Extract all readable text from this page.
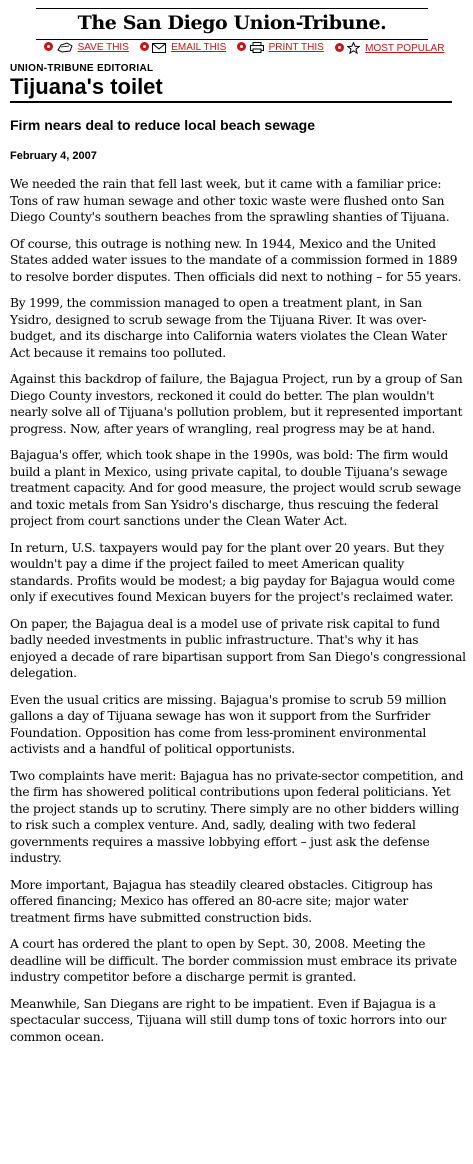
The San Diego Union-Tribune.
SAVE THIS	EMAIL THIS	PRINT THIS	MOST POPULAR
UNION-TRIBUNE EDITORIAL
Tijuana's toilet
Firm nears deal to reduce local beach sewage
February 4, 2007

We needed the rain that fell last week, but it came with a familiar price: Tons of raw human sewage and other toxic waste were flushed onto San Diego County's southern beaches from the sprawling shanties of Tijuana.

Of course, this outrage is nothing new. In 1944, Mexico and the United States added water issues to the mandate of a commission formed in 1889 to resolve border disputes. Then officials did next to nothing – for 55 years.

By 1999, the commission managed to open a treatment plant, in San Ysidro, designed to scrub sewage from the Tijuana River. It was over-budget, and its discharge into California waters violates the Clean Water Act because it remains too polluted.

Against this backdrop of failure, the Bajagua Project, run by a group of San Diego County investors, reckoned it could do better. The plan wouldn't nearly solve all of Tijuana's pollution problem, but it represented important progress. Now, after years of wrangling, real progress may be at hand.

Bajagua's offer, which took shape in the 1990s, was bold: The firm would build a plant in Mexico, using private capital, to double Tijuana's sewage treatment capacity. And for good measure, the project would scrub sewage and toxic metals from San Ysidro's discharge, thus rescuing the federal project from court sanctions under the Clean Water Act.

In return, U.S. taxpayers would pay for the plant over 20 years. But they wouldn't pay a dime if the project failed to meet American quality standards. Profits would be modest; a big payday for Bajagua would come only if executives found Mexican buyers for the project's reclaimed water.

On paper, the Bajagua deal is a model use of private risk capital to fund badly needed investments in public infrastructure. That's why it has enjoyed a decade of rare bipartisan support from San Diego's congressional delegation.

Even the usual critics are missing. Bajagua's promise to scrub 59 million gallons a day of Tijuana sewage has won it support from the Surfrider Foundation. Opposition has come from less-prominent environmental activists and a handful of political opportunists.

Two complaints have merit: Bajagua has no private-sector competition, and the firm has showered political contributions upon federal politicians. Yet the project stands up to scrutiny. There simply are no other bidders willing to risk such a complex venture. And, sadly, dealing with two federal governments requires a massive lobbying effort – just ask the defense industry.

More important, Bajagua has steadily cleared obstacles. Citigroup has offered financing; Mexico has offered an 80-acre site; major water treatment firms have submitted construction bids.

A court has ordered the plant to open by Sept. 30, 2008. Meeting the deadline will be difficult. The border commission must embrace its private industry competitor before a discharge permit is granted.

Meanwhile, San Diegans are right to be impatient. Even if Bajagua is a spectacular success, Tijuana will still dump tons of toxic horrors into our common ocean.
